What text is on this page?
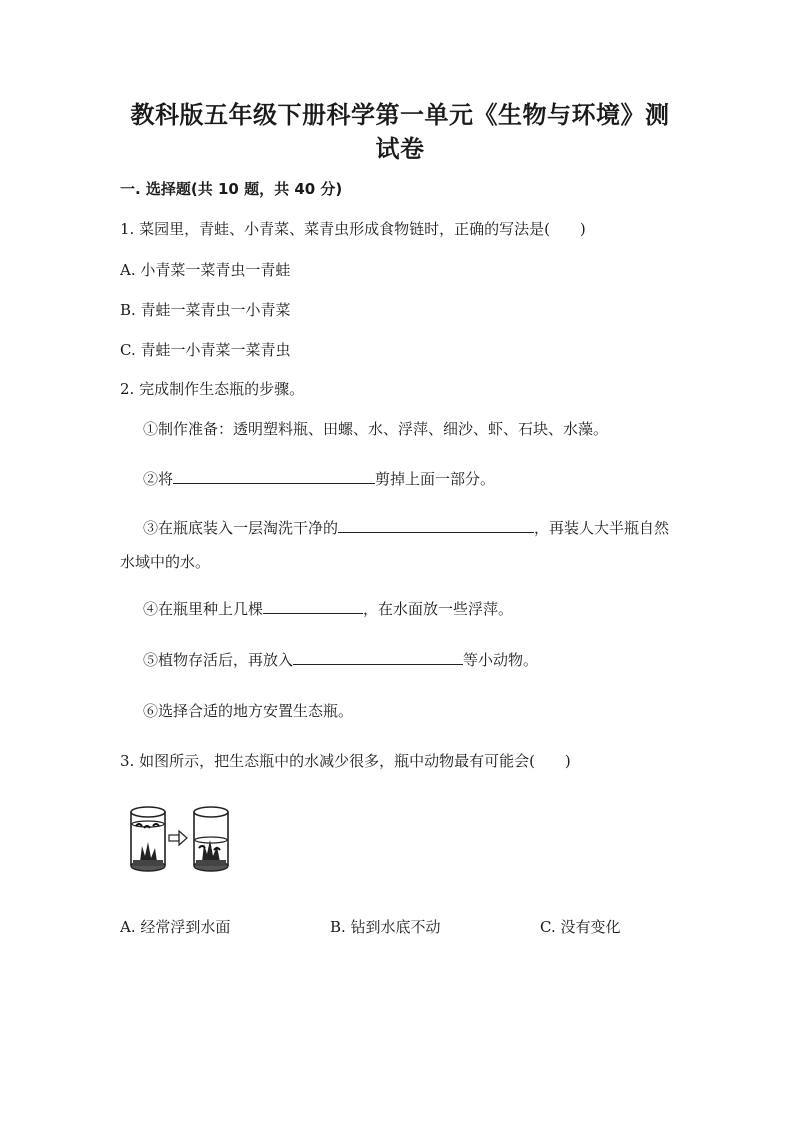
教科版五年级下册科学第一单元《生物与环境》测
试卷
一. 选择题(共 10 题，共 40 分)
1. 菜园里，青蛙、小青菜、菜青虫形成食物链时，正确的写法是(　　)
A. 小青菜一菜青虫一青蛙
B. 青蛙一菜青虫一小青菜
C. 青蛙一小青菜一菜青虫
2. 完成制作生态瓶的步骤。
①制作准备：透明塑料瓶、田螺、水、浮萍、细沙、虾、石块、水藻。
②将	剪掉上面一部分。
③在瓶底装入一层淘洗干净的	，再装人大半瓶自然水域中的水。
④在瓶里种上几棵	，在水面放一些浮萍。
⑤植物存活后，再放入	等小动物。
⑥选择合适的地方安置生态瓶。
3. 如图所示，把生态瓶中的水减少很多，瓶中动物最有可能会(　　)
A. 经常浮到水面	B. 钻到水底不动	C. 没有变化
